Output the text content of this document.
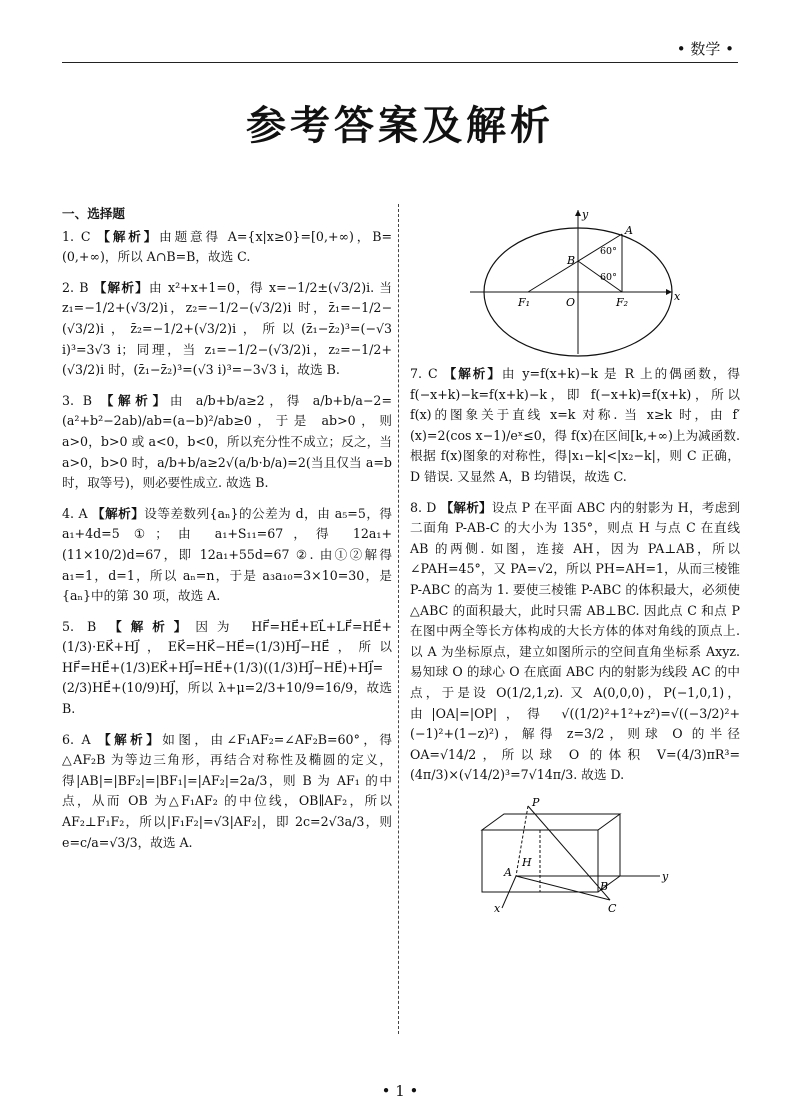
• 数学 •
参考答案及解析
一、选择题
1. C 【解析】由题意得 A={x|x≥0}=[0,+∞)，B=(0,+∞)，所以 A∩B=B，故选 C.
2. B 【解析】由 x²+x+1=0，得 x=−1/2±(√3/2)i. 当 z₁=−1/2+(√3/2)i，z₂=−1/2−(√3/2)i 时，z̄₁=−1/2−(√3/2)i，z̄₂=−1/2+(√3/2)i，所以(z̄₁−z̄₂)³=(−√3 i)³=3√3 i；同理，当 z₁=−1/2−(√3/2)i，z₂=−1/2+(√3/2)i 时，(z̄₁−z̄₂)³=(√3 i)³=−3√3 i，故选 B.
3. B 【解析】由 a/b+b/a≥2，得 a/b+b/a−2=(a²+b²−2ab)/ab=(a−b)²/ab≥0，于是 ab>0，则 a>0，b>0 或 a<0，b<0，所以充分性不成立；反之，当 a>0，b>0 时，a/b+b/a≥2√(a/b·b/a)=2(当且仅当 a=b 时，取等号)，则必要性成立. 故选 B.
4. A 【解析】设等差数列{aₙ}的公差为 d，由 a₅=5，得 a₁+4d=5 ①；由 a₁+S₁₁=67，得 12a₁+(11×10/2)d=67，即 12a₁+55d=67 ②. 由①②解得 a₁=1，d=1，所以 aₙ=n，于是 a₃a₁₀=3×10=30，是{aₙ}中的第 30 项，故选 A.
5. B 【解析】因为 HF⃗=HE⃗+EL⃗+LF⃗=HE⃗+(1/3)·EK⃗+HJ⃗，EK⃗=HK⃗−HE⃗=(1/3)HJ⃗−HE⃗，所以 HF⃗=HE⃗+(1/3)EK⃗+HJ⃗=HE⃗+(1/3)((1/3)HJ⃗−HE⃗)+HJ⃗=(2/3)HE⃗+(10/9)HJ⃗，所以 λ+μ=2/3+10/9=16/9，故选 B.
6. A 【解析】如图，由∠F₁AF₂=∠AF₂B=60°，得△AF₂B 为等边三角形，再结合对称性及椭圆的定义，得|AB|=|BF₂|=|BF₁|=|AF₂|=2a/3，则 B 为 AF₁ 的中点，从而 OB 为△F₁AF₂ 的中位线，OB∥AF₂，所以 AF₂⊥F₁F₂，所以|F₁F₂|=√3|AF₂|，即 2c=2√3a/3，则 e=c/a=√3/3，故选 A.
y
x
O
F₁	F₂
A
B
60°
60°
7. C 【解析】由 y=f(x+k)−k 是 R 上的偶函数，得 f(−x+k)−k=f(x+k)−k，即 f(−x+k)=f(x+k)，所以 f(x)的图象关于直线 x=k 对称. 当 x≥k 时，由 f′(x)=2(cos x−1)/eˣ≤0，得 f(x)在区间[k,+∞)上为减函数. 根据 f(x)图象的对称性，得|x₁−k|<|x₂−k|，则 C 正确，D 错误. 又显然 A，B 均错误，故选 C.
8. D 【解析】设点 P 在平面 ABC 内的射影为 H，考虑到二面角 P-AB-C 的大小为 135°，则点 H 与点 C 在直线 AB 的两侧. 如图，连接 AH，因为 PA⊥AB，所以∠PAH=45°，又 PA=√2，所以 PH=AH=1，从而三棱锥 P-ABC 的高为 1. 要使三棱锥 P-ABC 的体积最大，必须使△ABC 的面积最大，此时只需 AB⊥BC. 因此点 C 和点 P 在图中两全等长方体构成的大长方体的体对角线的顶点上. 以 A 为坐标原点，建立如图所示的空间直角坐标系 Axyz. 易知球 O 的球心 O 在底面 ABC 内的射影为线段 AC 的中点，于是设 O(1/2,1,z). 又 A(0,0,0)，P(−1,0,1)，由|OA|=|OP|，得 √((1/2)²+1²+z²)=√((−3/2)²+(−1)²+(1−z)²)，解得 z=3/2，则球 O 的半径 OA=√14/2，所以球 O 的体积 V=(4/3)πR³=(4π/3)×(√14/2)³=7√14π/3. 故选 D.
P
H
A
B
C
x
y
• 1 •
